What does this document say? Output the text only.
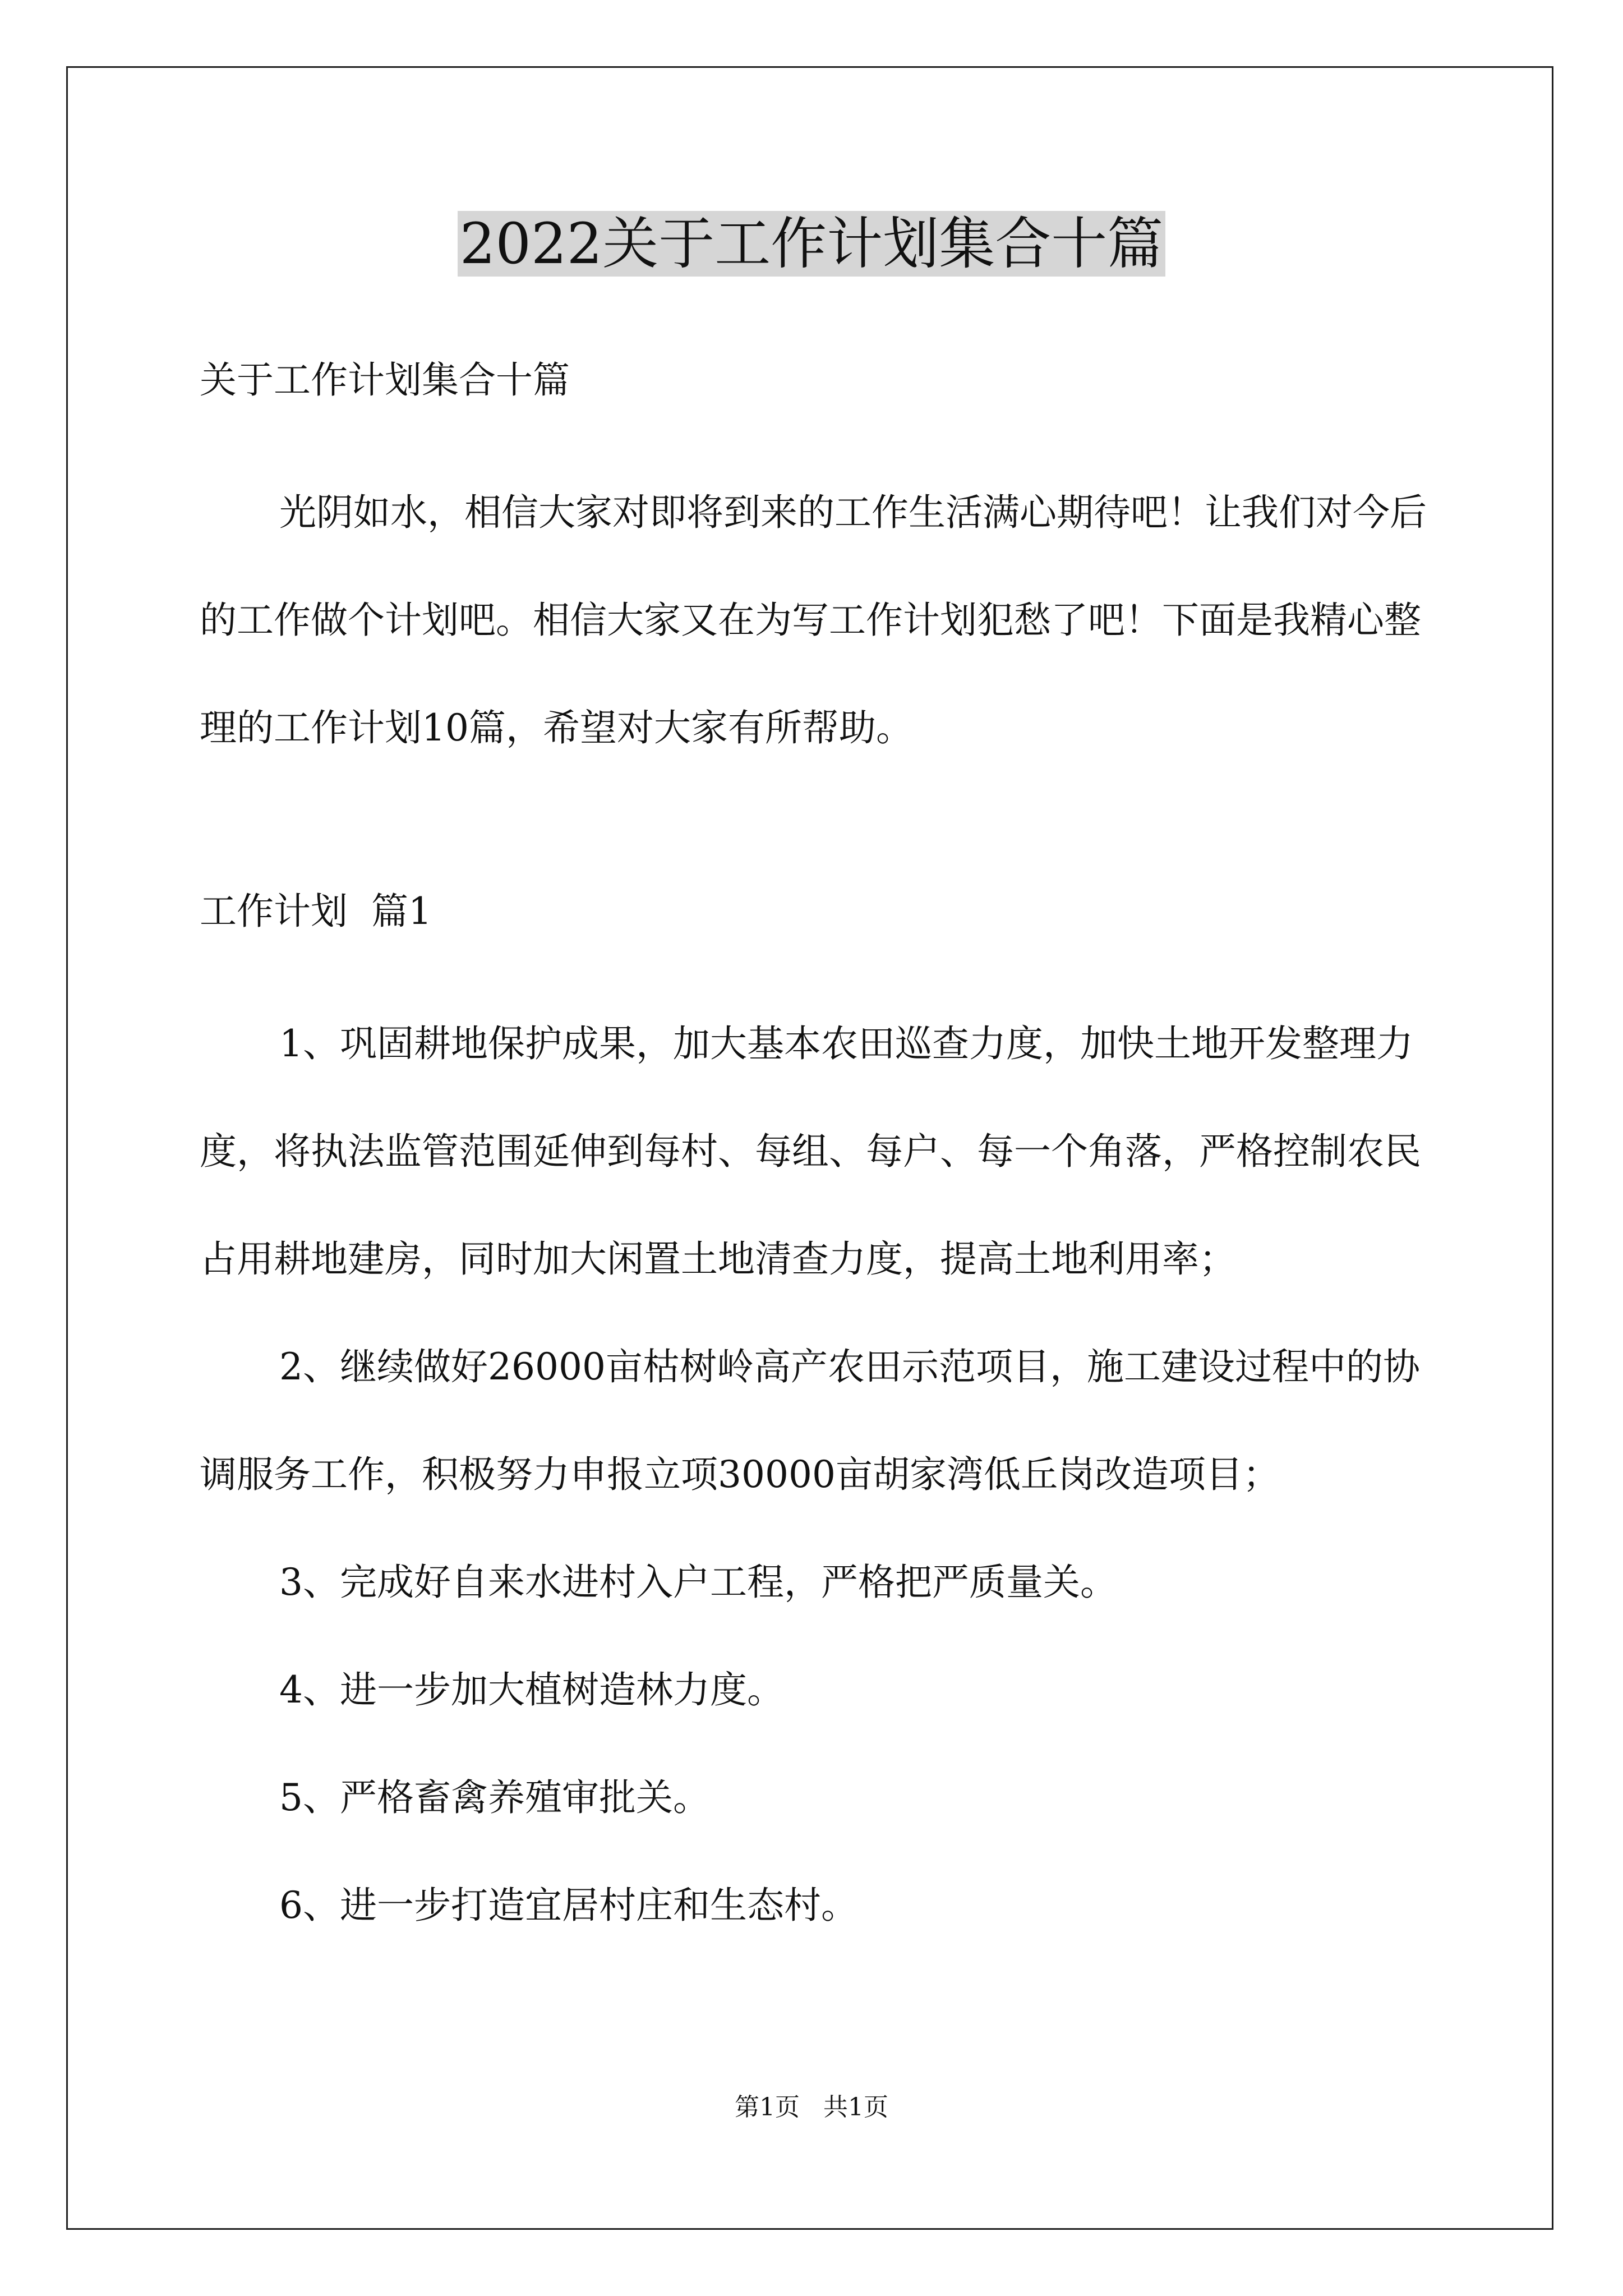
2022关于工作计划集合十篇

关于工作计划集合十篇

光阴如水，相信大家对即将到来的工作生活满心期待吧！让我们对今后的工作做个计划吧。相信大家又在为写工作计划犯愁了吧！下面是我精心整理的工作计划10篇，希望对大家有所帮助。

工作计划  篇1

1、巩固耕地保护成果，加大基本农田巡查力度，加快土地开发整理力度，将执法监管范围延伸到每村、每组、每户、每一个角落，严格控制农民占用耕地建房，同时加大闲置土地清查力度，提高土地利用率；
2、继续做好26000亩枯树岭高产农田示范项目，施工建设过程中的协调服务工作，积极努力申报立项30000亩胡家湾低丘岗改造项目；
3、完成好自来水进村入户工程，严格把严质量关。
4、进一步加大植树造林力度。
5、严格畜禽养殖审批关。
6、进一步打造宜居村庄和生态村。
第1页   共1页
